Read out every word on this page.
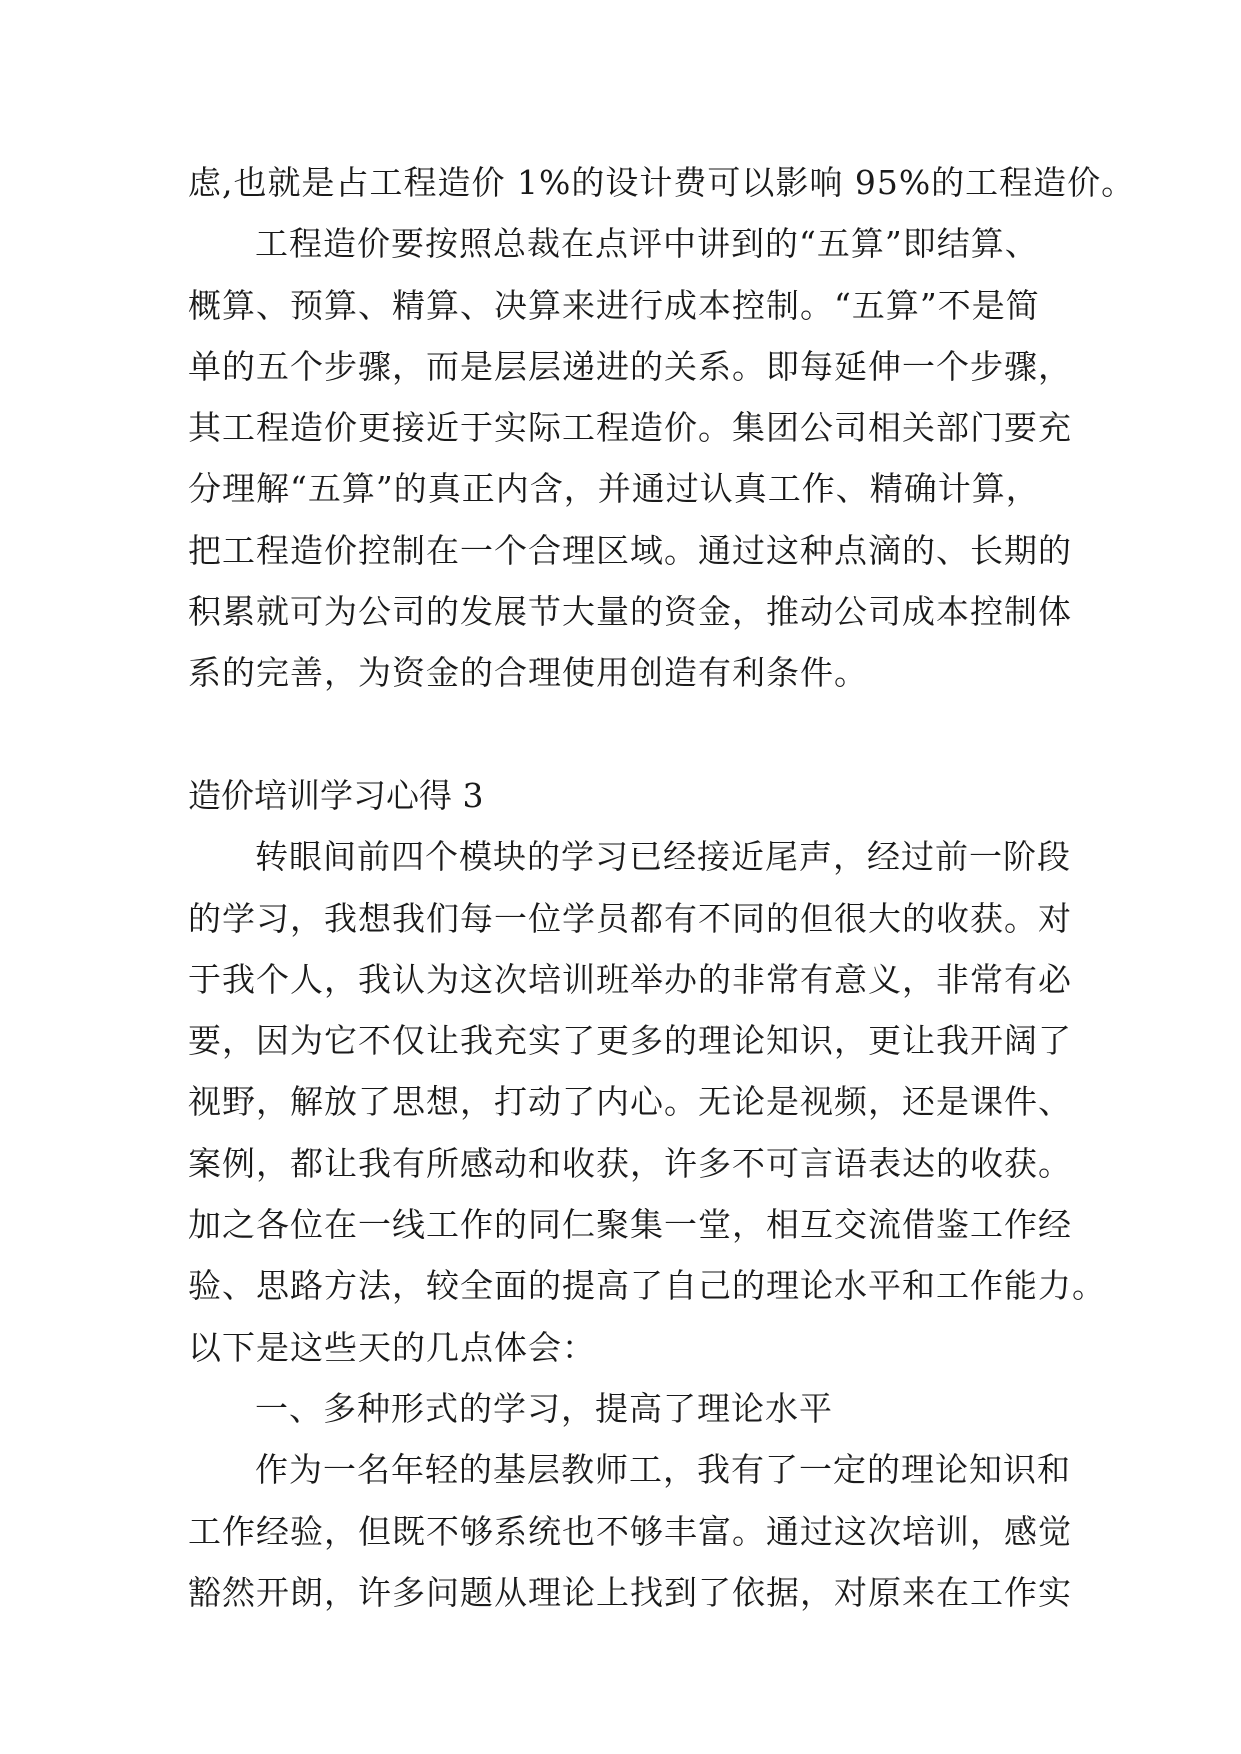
虑,也就是占工程造价 1%的设计费可以影响 95%的工程造价。
工程造价要按照总裁在点评中讲到的“五算”即结算、
概算、预算、精算、决算来进行成本控制。“五算”不是简
单的五个步骤，而是层层递进的关系。即每延伸一个步骤，
其工程造价更接近于实际工程造价。集团公司相关部门要充
分理解“五算”的真正内含，并通过认真工作、精确计算，
把工程造价控制在一个合理区域。通过这种点滴的、长期的
积累就可为公司的发展节大量的资金，推动公司成本控制体
系的完善，为资金的合理使用创造有利条件。
造价培训学习心得 3
转眼间前四个模块的学习已经接近尾声，经过前一阶段
的学习，我想我们每一位学员都有不同的但很大的收获。对
于我个人，我认为这次培训班举办的非常有意义，非常有必
要，因为它不仅让我充实了更多的理论知识，更让我开阔了
视野，解放了思想，打动了内心。无论是视频，还是课件、
案例，都让我有所感动和收获，许多不可言语表达的收获。
加之各位在一线工作的同仁聚集一堂，相互交流借鉴工作经
验、思路方法，较全面的提高了自己的理论水平和工作能力。
以下是这些天的几点体会：
一、多种形式的学习，提高了理论水平
作为一名年轻的基层教师工，我有了一定的理论知识和
工作经验，但既不够系统也不够丰富。通过这次培训，感觉
豁然开朗，许多问题从理论上找到了依据，对原来在工作实
